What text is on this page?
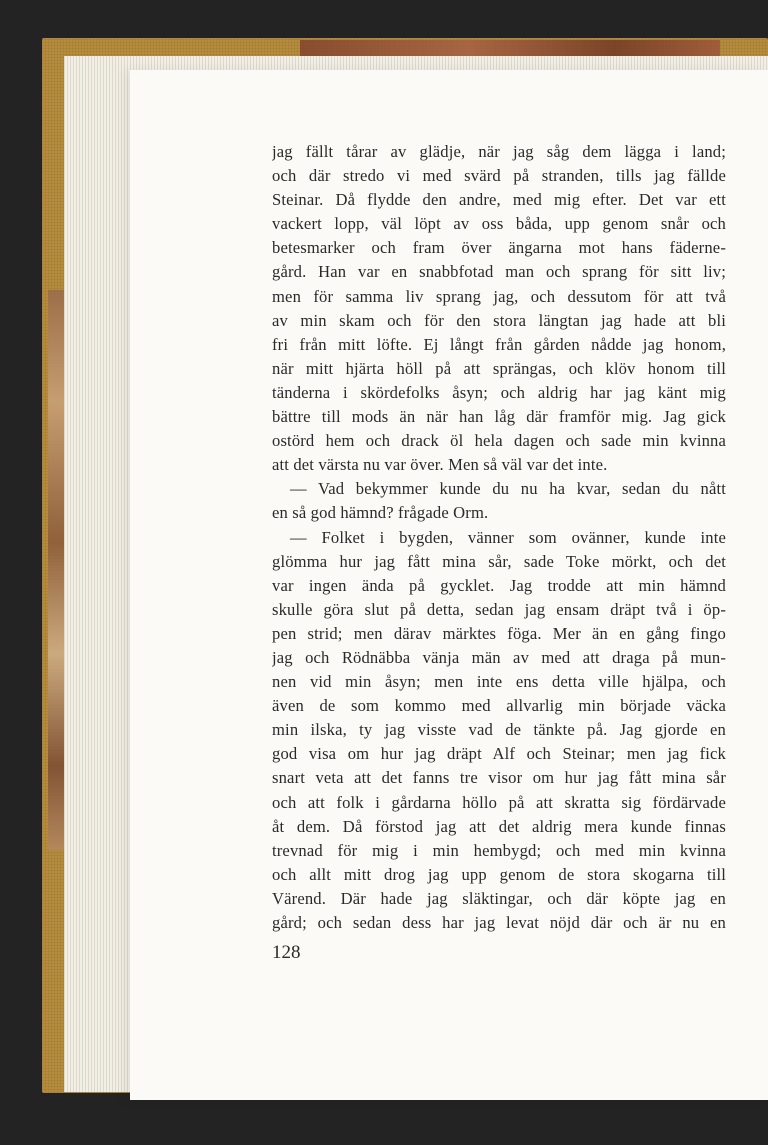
jag fällt tårar av glädje, när jag såg dem lägga i land;
och där stredo vi med svärd på stranden, tills jag fällde
Steinar. Då flydde den andre, med mig efter. Det var ett
vackert lopp, väl löpt av oss båda, upp genom snår och
betesmarker och fram över ängarna mot hans fäderne-
gård. Han var en snabbfotad man och sprang för sitt liv;
men för samma liv sprang jag, och dessutom för att två
av min skam och för den stora längtan jag hade att bli
fri från mitt löfte. Ej långt från gården nådde jag honom,
när mitt hjärta höll på att sprängas, och klöv honom till
tänderna i skördefolks åsyn; och aldrig har jag känt mig
bättre till mods än när han låg där framför mig. Jag gick
ostörd hem och drack öl hela dagen och sade min kvinna
att det värsta nu var över. Men så väl var det inte.
— Vad bekymmer kunde du nu ha kvar, sedan du nått
en så god hämnd? frågade Orm.
— Folket i bygden, vänner som ovänner, kunde inte
glömma hur jag fått mina sår, sade Toke mörkt, och det
var ingen ända på gycklet. Jag trodde att min hämnd
skulle göra slut på detta, sedan jag ensam dräpt två i öp-
pen strid; men därav märktes föga. Mer än en gång fingo
jag och Rödnäbba vänja män av med att draga på mun-
nen vid min åsyn; men inte ens detta ville hjälpa, och
även de som kommo med allvarlig min började väcka
min ilska, ty jag visste vad de tänkte på. Jag gjorde en
god visa om hur jag dräpt Alf och Steinar; men jag fick
snart veta att det fanns tre visor om hur jag fått mina sår
och att folk i gårdarna höllo på att skratta sig fördärvade
åt dem. Då förstod jag att det aldrig mera kunde finnas
trevnad för mig i min hembygd; och med min kvinna
och allt mitt drog jag upp genom de stora skogarna till
Värend. Där hade jag släktingar, och där köpte jag en
gård; och sedan dess har jag levat nöjd där och är nu en
128
